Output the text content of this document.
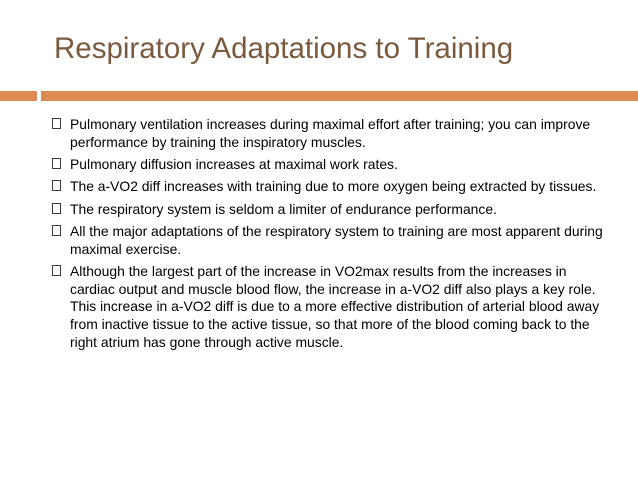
Respiratory Adaptations to Training
Pulmonary ventilation increases during maximal effort after training; you can improve performance by training the inspiratory muscles.
Pulmonary diffusion increases at maximal work rates.
The a-VO2 diff increases with training due to more oxygen being extracted by tissues.
The respiratory system is seldom a limiter of endurance performance.
All the major adaptations of the respiratory system to training are most apparent during maximal exercise.
Although the largest part of the increase in VO2max results from the increases in cardiac output and muscle blood flow, the increase in a-VO2 diff also plays a key role. This increase in a-VO2 diff is due to a more effective distribution of arterial blood away from inactive tissue to the active tissue, so that more of the blood coming back to the right atrium has gone through active muscle.
